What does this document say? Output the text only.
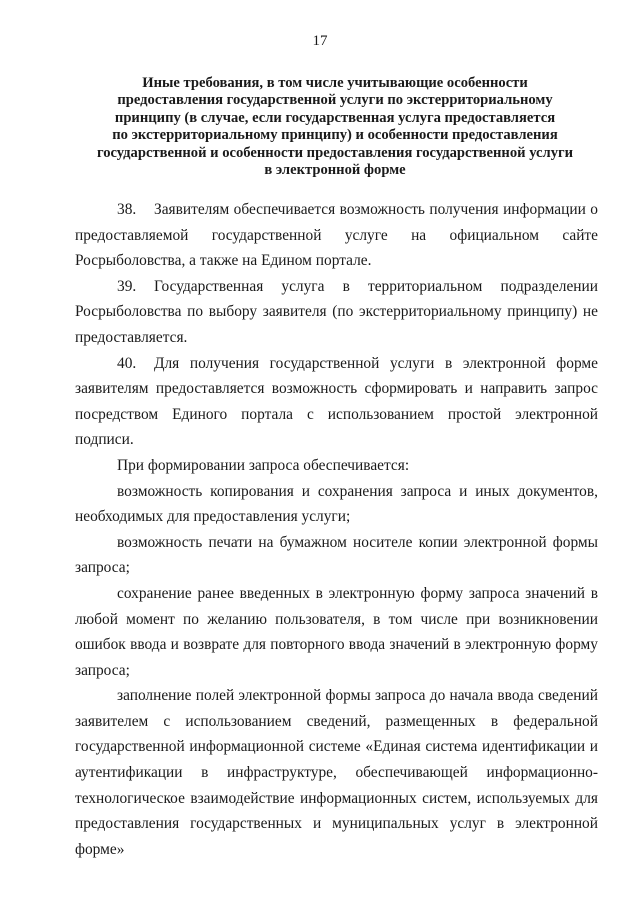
17
Иные требования, в том числе учитывающие особенности
предоставления государственной услуги по экстерриториальному
принципу (в случае, если государственная услуга предоставляется
по экстерриториальному принципу) и особенности предоставления
государственной и особенности предоставления государственной услуги
в электронной форме

38. Заявителям обеспечивается возможность получения информации о предоставляемой государственной услуге на официальном сайте Росрыболовства, а также на Едином портале.

39. Государственная услуга в территориальном подразделении Росрыболовства по выбору заявителя (по экстерриториальному принципу) не предоставляется.

40. Для получения государственной услуги в электронной форме заявителям предоставляется возможность сформировать и направить запрос посредством Единого портала с использованием простой электронной подписи.

При формировании запроса обеспечивается:

возможность копирования и сохранения запроса и иных документов, необходимых для предоставления услуги;

возможность печати на бумажном носителе копии электронной формы запроса;

сохранение ранее введенных в электронную форму запроса значений в любой момент по желанию пользователя, в том числе при возникновении ошибок ввода и возврате для повторного ввода значений в электронную форму запроса;

заполнение полей электронной формы запроса до начала ввода сведений заявителем с использованием сведений, размещенных в федеральной государственной информационной системе «Единая система идентификации и аутентификации в инфраструктуре, обеспечивающей информационно-технологическое взаимодействие информационных систем, используемых для предоставления государственных и муниципальных услуг в электронной форме»
